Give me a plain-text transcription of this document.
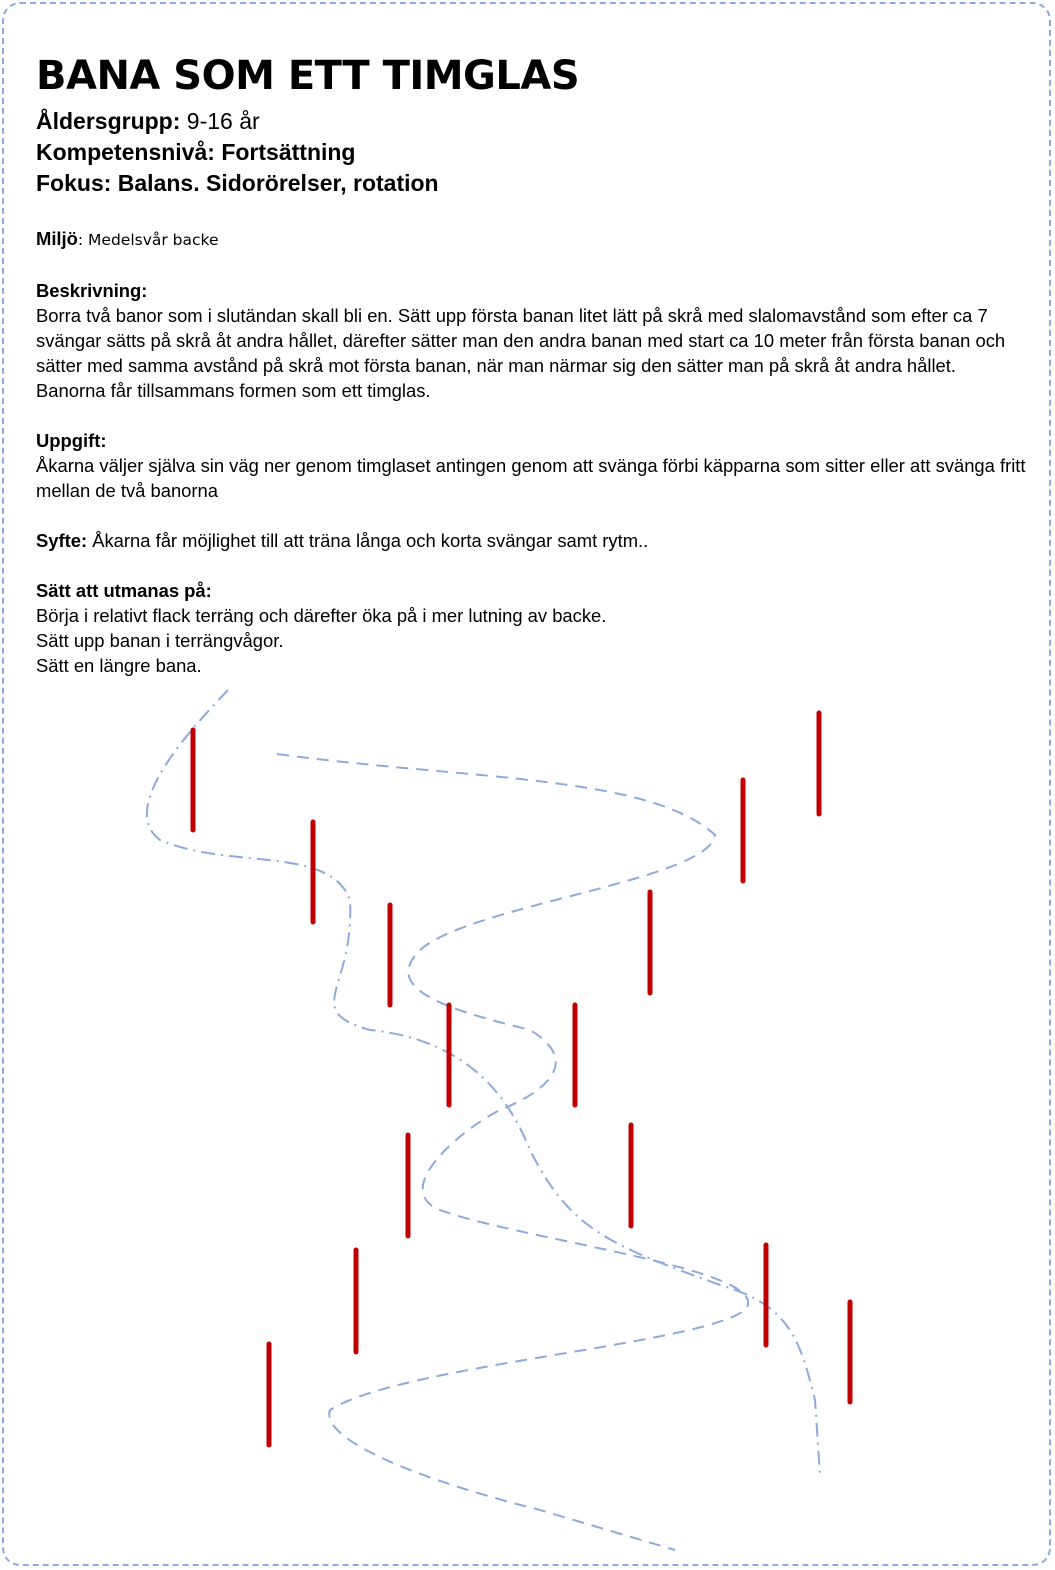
BANA SOM ETT TIMGLAS
Åldersgrupp: 9-16 år
Kompetensnivå: Fortsättning
Fokus: Balans. Sidorörelser, rotation

Miljö: Medelsvår backe

Beskrivning:

Borra två banor som i slutändan skall bli en. Sätt upp första banan litet lätt på skrå med slalomavstånd som efter ca 7 svängar sätts på skrå åt andra hållet, därefter sätter man den andra banan med start ca 10 meter från första banan och sätter med samma avstånd på skrå mot första banan, när man närmar sig den sätter man på skrå åt andra hållet. Banorna får tillsammans formen som ett timglas.

Uppgift:

Åkarna väljer själva sin väg ner genom timglaset antingen genom att svänga förbi käpparna som sitter eller att svänga fritt mellan de två banorna

Syfte: Åkarna får möjlighet till att träna långa och korta svängar samt rytm..

Sätt att utmanas på:

Börja i relativt flack terräng och därefter öka på i mer lutning av backe.

Sätt upp banan i terrängvågor.

Sätt en längre bana.
